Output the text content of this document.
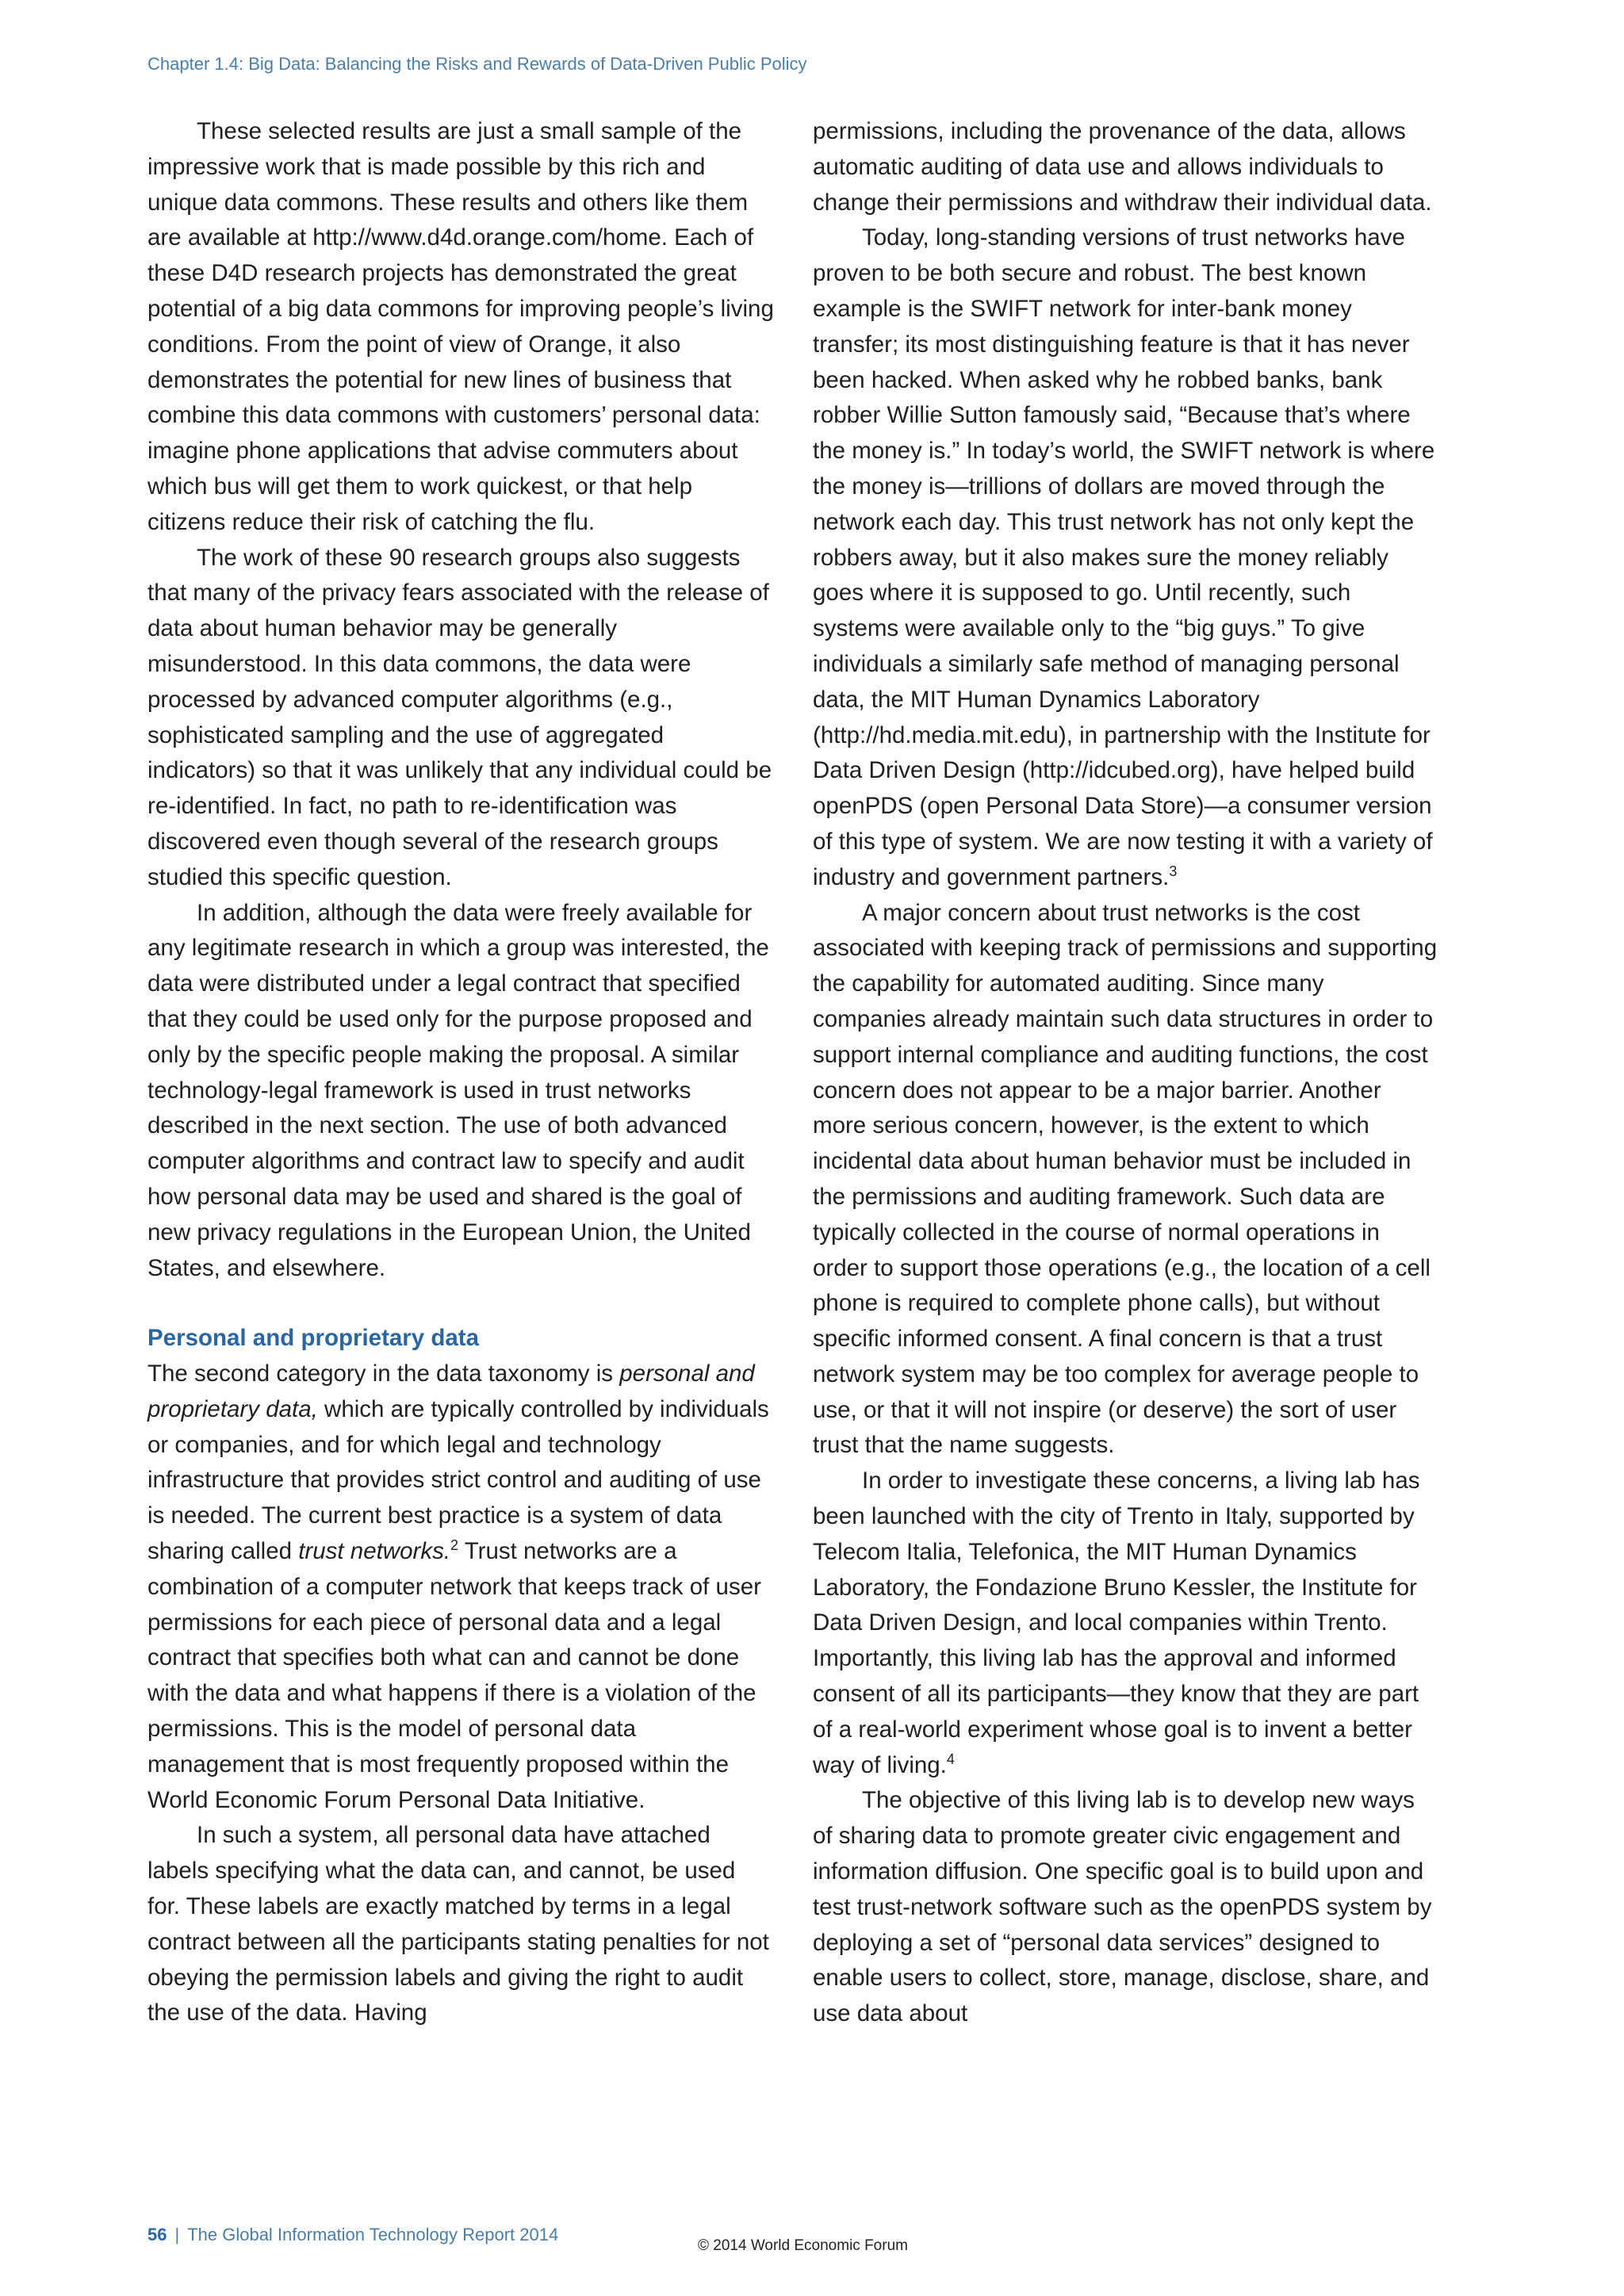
Chapter 1.4: Big Data: Balancing the Risks and Rewards of Data-Driven Public Policy

These selected results are just a small sample of the impressive work that is made possible by this rich and unique data commons. These results and others like them are available at http://www.d4d.orange.com/home. Each of these D4D research projects has demonstrated the great potential of a big data commons for improving people’s living conditions. From the point of view of Orange, it also demonstrates the potential for new lines of business that combine this data commons with customers’ personal data: imagine phone applications that advise commuters about which bus will get them to work quickest, or that help citizens reduce their risk of catching the flu.

The work of these 90 research groups also suggests that many of the privacy fears associated with the release of data about human behavior may be generally misunderstood. In this data commons, the data were processed by advanced computer algorithms (e.g., sophisticated sampling and the use of aggregated indicators) so that it was unlikely that any individual could be re-identified. In fact, no path to re-identification was discovered even though several of the research groups studied this specific question.

In addition, although the data were freely available for any legitimate research in which a group was interested, the data were distributed under a legal contract that specified that they could be used only for the purpose proposed and only by the specific people making the proposal. A similar technology-legal framework is used in trust networks described in the next section. The use of both advanced computer algorithms and contract law to specify and audit how personal data may be used and shared is the goal of new privacy regulations in the European Union, the United States, and elsewhere.

Personal and proprietary data

The second category in the data taxonomy is personal and proprietary data, which are typically controlled by individuals or companies, and for which legal and technology infrastructure that provides strict control and auditing of use is needed. The current best practice is a system of data sharing called trust networks.$^2$ Trust networks are a combination of a computer network that keeps track of user permissions for each piece of personal data and a legal contract that specifies both what can and cannot be done with the data and what happens if there is a violation of the permissions. This is the model of personal data management that is most frequently proposed within the World Economic Forum Personal Data Initiative.

In such a system, all personal data have attached labels specifying what the data can, and cannot, be used for. These labels are exactly matched by terms in a legal contract between all the participants stating penalties for not obeying the permission labels and giving the right to audit the use of the data. Having

permissions, including the provenance of the data, allows automatic auditing of data use and allows individuals to change their permissions and withdraw their individual data.

Today, long-standing versions of trust networks have proven to be both secure and robust. The best known example is the SWIFT network for inter-bank money transfer; its most distinguishing feature is that it has never been hacked. When asked why he robbed banks, bank robber Willie Sutton famously said, “Because that’s where the money is.” In today’s world, the SWIFT network is where the money is—trillions of dollars are moved through the network each day. This trust network has not only kept the robbers away, but it also makes sure the money reliably goes where it is supposed to go. Until recently, such systems were available only to the “big guys.” To give individuals a similarly safe method of managing personal data, the MIT Human Dynamics Laboratory (http://hd.media.mit.edu), in partnership with the Institute for Data Driven Design (http://idcubed.org), have helped build openPDS (open Personal Data Store)—a consumer version of this type of system. We are now testing it with a variety of industry and government partners.$^3$

A major concern about trust networks is the cost associated with keeping track of permissions and supporting the capability for automated auditing. Since many companies already maintain such data structures in order to support internal compliance and auditing functions, the cost concern does not appear to be a major barrier. Another more serious concern, however, is the extent to which incidental data about human behavior must be included in the permissions and auditing framework. Such data are typically collected in the course of normal operations in order to support those operations (e.g., the location of a cell phone is required to complete phone calls), but without specific informed consent. A final concern is that a trust network system may be too complex for average people to use, or that it will not inspire (or deserve) the sort of user trust that the name suggests.

In order to investigate these concerns, a living lab has been launched with the city of Trento in Italy, supported by Telecom Italia, Telefonica, the MIT Human Dynamics Laboratory, the Fondazione Bruno Kessler, the Institute for Data Driven Design, and local companies within Trento. Importantly, this living lab has the approval and informed consent of all its participants—they know that they are part of a real-world experiment whose goal is to invent a better way of living.$^4$

The objective of this living lab is to develop new ways of sharing data to promote greater civic engagement and information diffusion. One specific goal is to build upon and test trust-network software such as the openPDS system by deploying a set of “personal data services” designed to enable users to collect, store, manage, disclose, share, and use data about

56 | The Global Information Technology Report 2014
© 2014 World Economic Forum
